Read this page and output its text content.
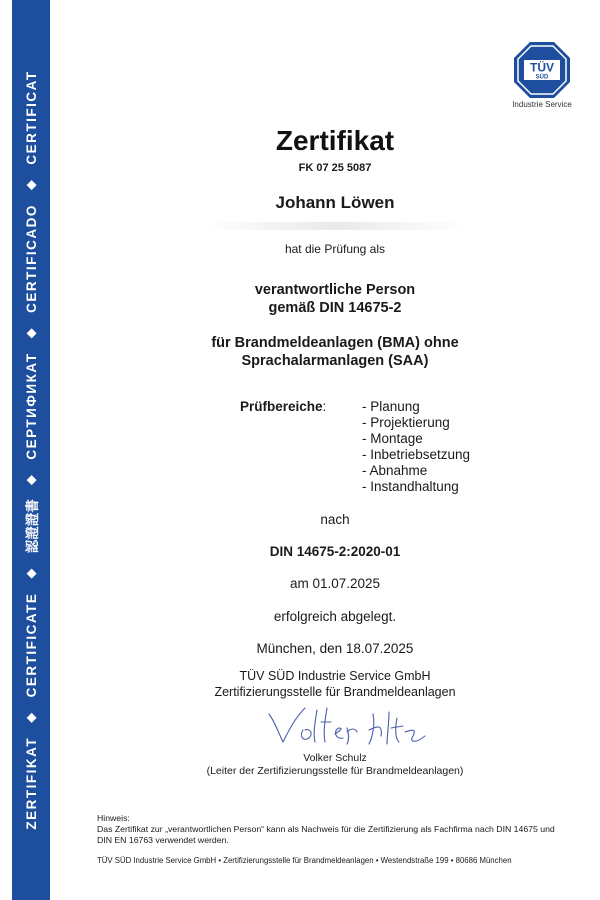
ZERTIFIKAT
◆
CERTIFICATE
◆
認證證書
◆
СЕРТИФИКАТ
◆
CERTIFICADO
◆
CERTIFICAT
TÜV
SÜD
Industrie Service
Zertifikat
FK 07 25 5087
Johann Löwen
hat die Prüfung als
verantwortliche Person
gemäß DIN 14675-2
für Brandmeldeanlagen (BMA) ohne
Sprachalarmanlagen (SAA)
Prüfbereiche:	- Planung
- Projektierung
- Montage
- Inbetriebsetzung
- Abnahme
- Instandhaltung
nach
DIN 14675-2:2020-01
am 01.07.2025
erfolgreich abgelegt.
München, den 18.07.2025
TÜV SÜD Industrie Service GmbH
Zertifizierungsstelle für Brandmeldeanlagen
Volker Schulz
(Leiter der Zertifizierungsstelle für Brandmeldeanlagen)
Hinweis:
Das Zertifikat zur „verantwortlichen Person“ kann als Nachweis für die Zertifizierung als Fachfirma nach DIN 14675 und DIN EN 16763 verwendet werden.
TÜV SÜD Industrie Service GmbH • Zertifizierungsstelle für Brandmeldeanlagen • Westendstraße 199 • 80686 München
